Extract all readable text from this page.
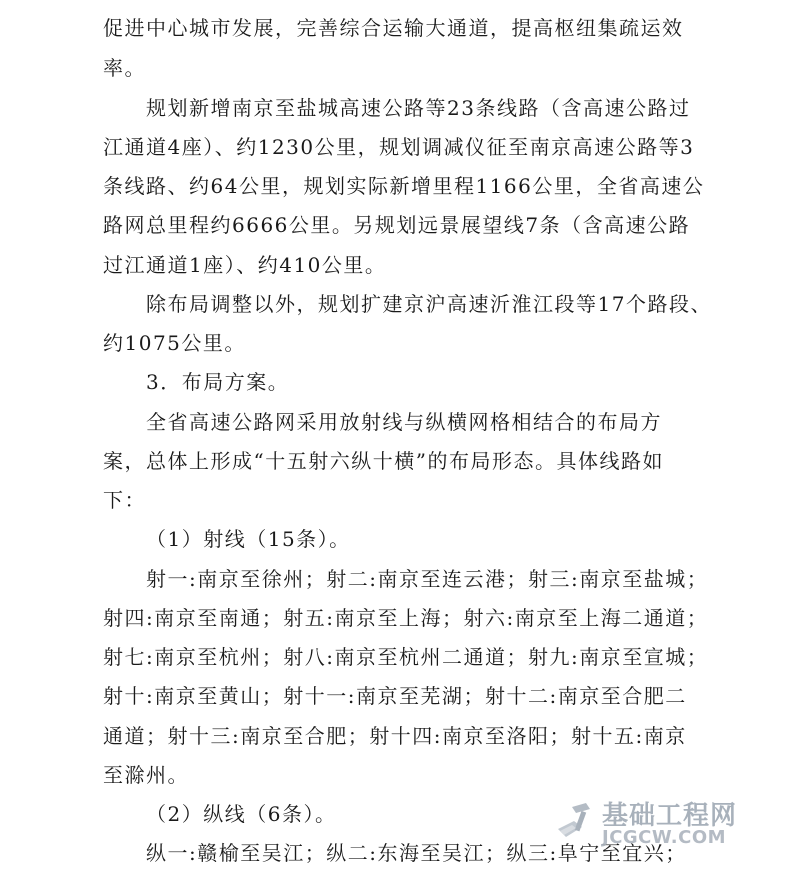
促进中心城市发展，完善综合运输大通道，提高枢纽集疏运效
率。
规划新增南京至盐城高速公路等23条线路（含高速公路过
江通道4座）、约1230公里，规划调减仪征至南京高速公路等3
条线路、约64公里，规划实际新增里程1166公里，全省高速公
路网总里程约6666公里。另规划远景展望线7条（含高速公路
过江通道1座）、约410公里。
除布局调整以外，规划扩建京沪高速沂淮江段等17个路段、
约1075公里。
3．布局方案。
全省高速公路网采用放射线与纵横网格相结合的布局方
案，总体上形成“十五射六纵十横”的布局形态。具体线路如
下：
（1）射线（15条）。
射一:南京至徐州；射二:南京至连云港；射三:南京至盐城；
射四:南京至南通；射五:南京至上海；射六:南京至上海二通道；
射七:南京至杭州；射八:南京至杭州二通道；射九:南京至宣城；
射十:南京至黄山；射十一:南京至芜湖；射十二:南京至合肥二
通道；射十三:南京至合肥；射十四:南京至洛阳；射十五:南京
至滁州。
（2）纵线（6条）。
纵一:赣榆至吴江；纵二:东海至吴江；纵三:阜宁至宜兴；
基础工程网
JCGCW.COM
